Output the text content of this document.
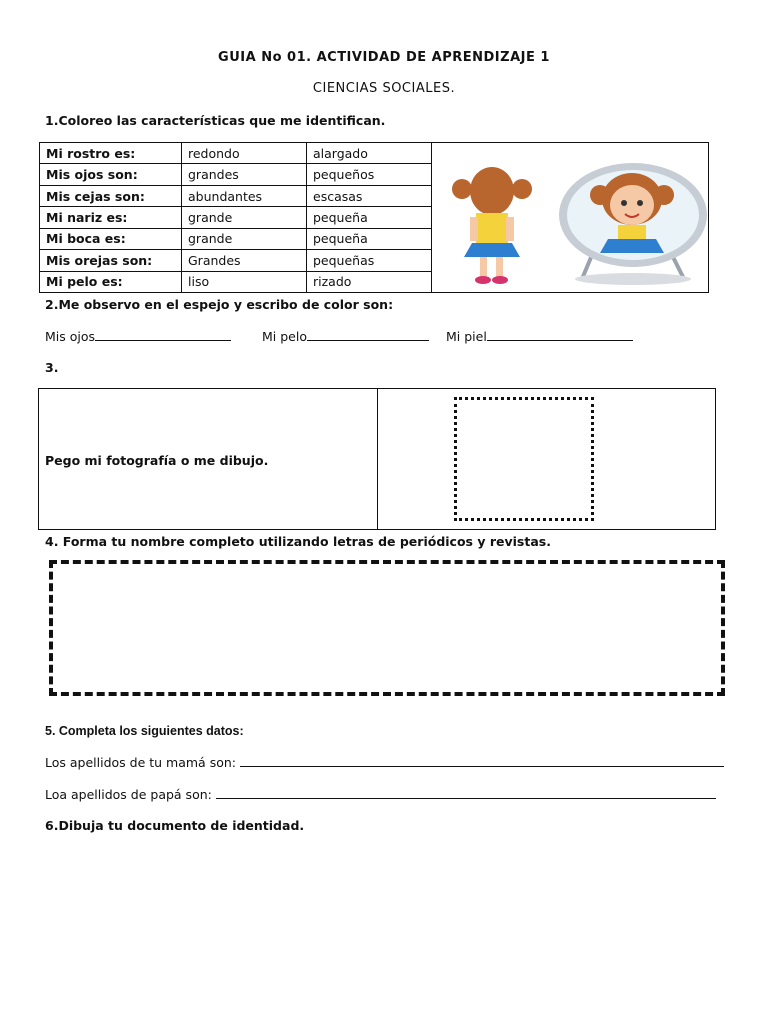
GUIA No 01. ACTIVIDAD DE APRENDIZAJE 1
CIENCIAS SOCIALES.
1.Coloreo las características que me identifican.
Mi rostro es:	redondo	alargado	
Mis ojos son:	grandes	pequeños	
Mis cejas son:	abundantes	escasas	
Mi nariz es:	grande	pequeña	
Mi boca es:	grande	pequeña	
Mis orejas son:	Grandes	pequeñas	
Mi pelo es:	liso	rizado	
2.Me observo en el espejo y escribo de color son:
Mis ojos	Mi pelo	Mi piel
3.
Pego mi fotografía o me dibujo.
4. Forma tu nombre completo utilizando letras de periódicos y revistas.
5. Completa los siguientes datos:
Los apellidos de tu mamá son:
Loa apellidos de papá son:
6.Dibuja tu documento de identidad.
